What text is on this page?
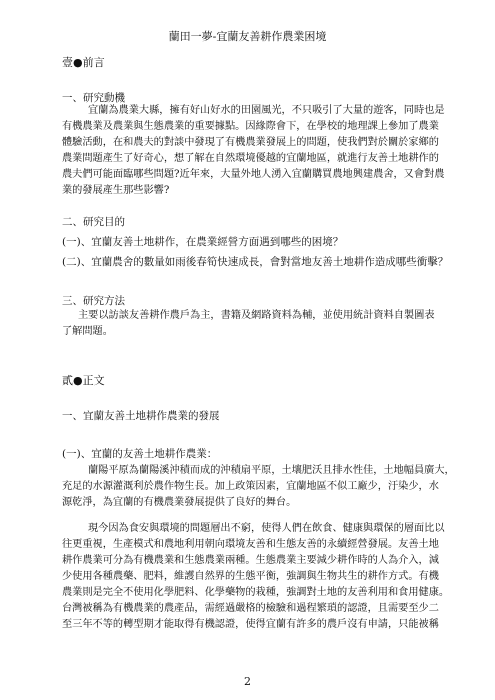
蘭田一夢-宜蘭友善耕作農業困境
壹●前言
一、研究動機
宜蘭為農業大縣，擁有好山好水的田園風光，不只吸引了大量的遊客，同時也是
有機農業及農業與生態農業的重要據點。因緣際會下，在學校的地理課上參加了農業
體驗活動，在和農夫的對談中發現了有機農業發展上的問題，使我們對於關於家鄉的
農業問題產生了好奇心，想了解在自然環境優越的宜蘭地區，就進行友善土地耕作的
農夫們可能面臨哪些問題?近年來，大量外地人湧入宜蘭購買農地興建農舍，又會對農
業的發展產生那些影響?
二、研究目的
(一)、宜蘭友善土地耕作，在農業經營方面遇到哪些的困境？
(二)、宜蘭農舍的數量如雨後春筍快速成長，會對當地友善土地耕作造成哪些衝擊？
三、研究方法
主要以訪談友善耕作農戶為主，書籍及網路資料為輔，並使用統計資料自製圖表
了解問題。
貳●正文
一、宜蘭友善土地耕作農業的發展
(一)、宜蘭的友善土地耕作農業：
蘭陽平原為蘭陽溪沖積而成的沖積扇平原，土壤肥沃且排水性佳，土地幅員廣大，
充足的水源灌溉利於農作物生長。加上政策因素，宜蘭地區不似工廠少，汙染少，水
源乾淨，為宜蘭的有機農業發展提供了良好的舞台。
現今因為食安與環境的問題層出不窮，使得人們在飲食、健康與環保的層面比以
往更重視，生產模式和農地利用朝向環境友善和生態友善的永續經營發展。友善土地
耕作農業可分為有機農業和生態農業兩種。生態農業主要減少耕作時的人為介入，減
少使用各種農藥、肥料，維護自然界的生態平衡，強調與生物共生的耕作方式。有機
農業則是完全不使用化學肥料、化學藥物的栽種，強調對土地的友善利用和食用健康。
台灣被稱為有機農業的農產品，需經過嚴格的檢驗和過程繁瑣的認證，且需要至少二
至三年不等的轉型期才能取得有機認證，使得宜蘭有許多的農戶沒有申請，只能被稱
2
